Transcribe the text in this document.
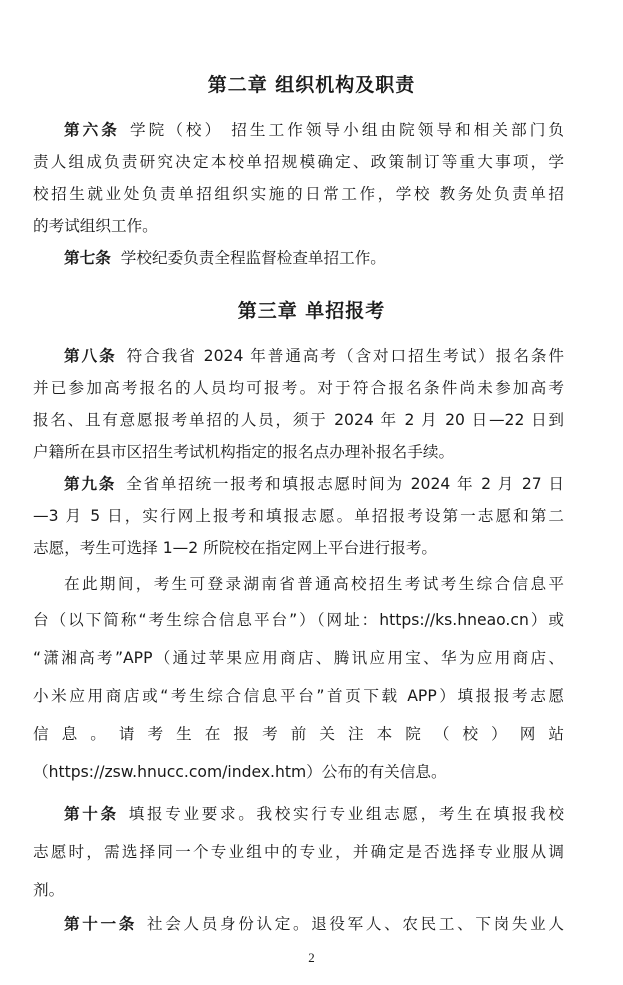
第二章 组织机构及职责
第六条 学院（校） 招生工作领导小组由院领导和相关部门负
责人组成负责研究决定本校单招规模确定、政策制订等重大事项，学
校招生就业处负责单招组织实施的日常工作，学校 教务处负责单招
的考试组织工作。
第七条 学校纪委负责全程监督检查单招工作。
第三章 单招报考
第八条 符合我省 2024 年普通高考（含对口招生考试）报名条件
并已参加高考报名的人员均可报考。对于符合报名条件尚未参加高考
报名、且有意愿报考单招的人员，须于 2024 年 2 月 20 日—22 日到
户籍所在县市区招生考试机构指定的报名点办理补报名手续。
第九条 全省单招统一报考和填报志愿时间为 2024 年 2 月 27 日
—3 月 5 日，实行网上报考和填报志愿。单招报考设第一志愿和第二
志愿，考生可选择 1—2 所院校在指定网上平台进行报考。
在此期间，考生可登录湖南省普通高校招生考试考生综合信息平
台（以下简称“考生综合信息平台”）（网址：https://ks.hneao.cn）或
“潇湘高考”APP（通过苹果应用商店、腾讯应用宝、华为应用商店、
小米应用商店或“考生综合信息平台”首页下载 APP）填报报考志愿
信 息 。 请 考 生 在 报 考 前 关 注 本 院 （ 校 ） 网 站
（https://zsw.hnucc.com/index.htm）公布的有关信息。
第十条 填报专业要求。我校实行专业组志愿，考生在填报我校
志愿时，需选择同一个专业组中的专业，并确定是否选择专业服从调
剂。
第十一条 社会人员身份认定。退役军人、农民工、下岗失业人
2
